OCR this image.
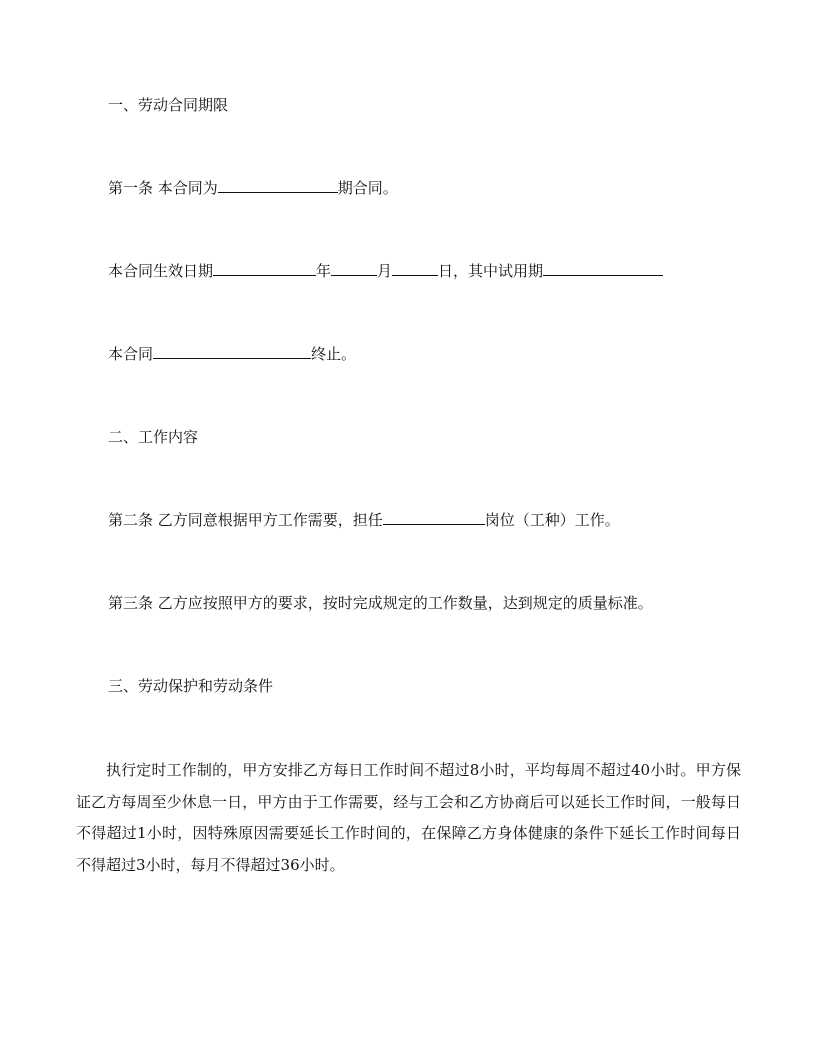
一、劳动合同期限
第一条 本合同为	期合同。
本合同生效日期	年	月	日，其中试用期
本合同	终止。
二、工作内容
第二条 乙方同意根据甲方工作需要，担任	岗位（工种）工作。
第三条 乙方应按照甲方的要求，按时完成规定的工作数量，达到规定的质量标准。
三、劳动保护和劳动条件
执行定时工作制的，甲方安排乙方每日工作时间不超过8小时，平均每周不超过40小时。甲方保证乙方每周至少休息一日，甲方由于工作需要，经与工会和乙方协商后可以延长工作时间，一般每日不得超过1小时，因特殊原因需要延长工作时间的，在保障乙方身体健康的条件下延长工作时间每日不得超过3小时，每月不得超过36小时。
